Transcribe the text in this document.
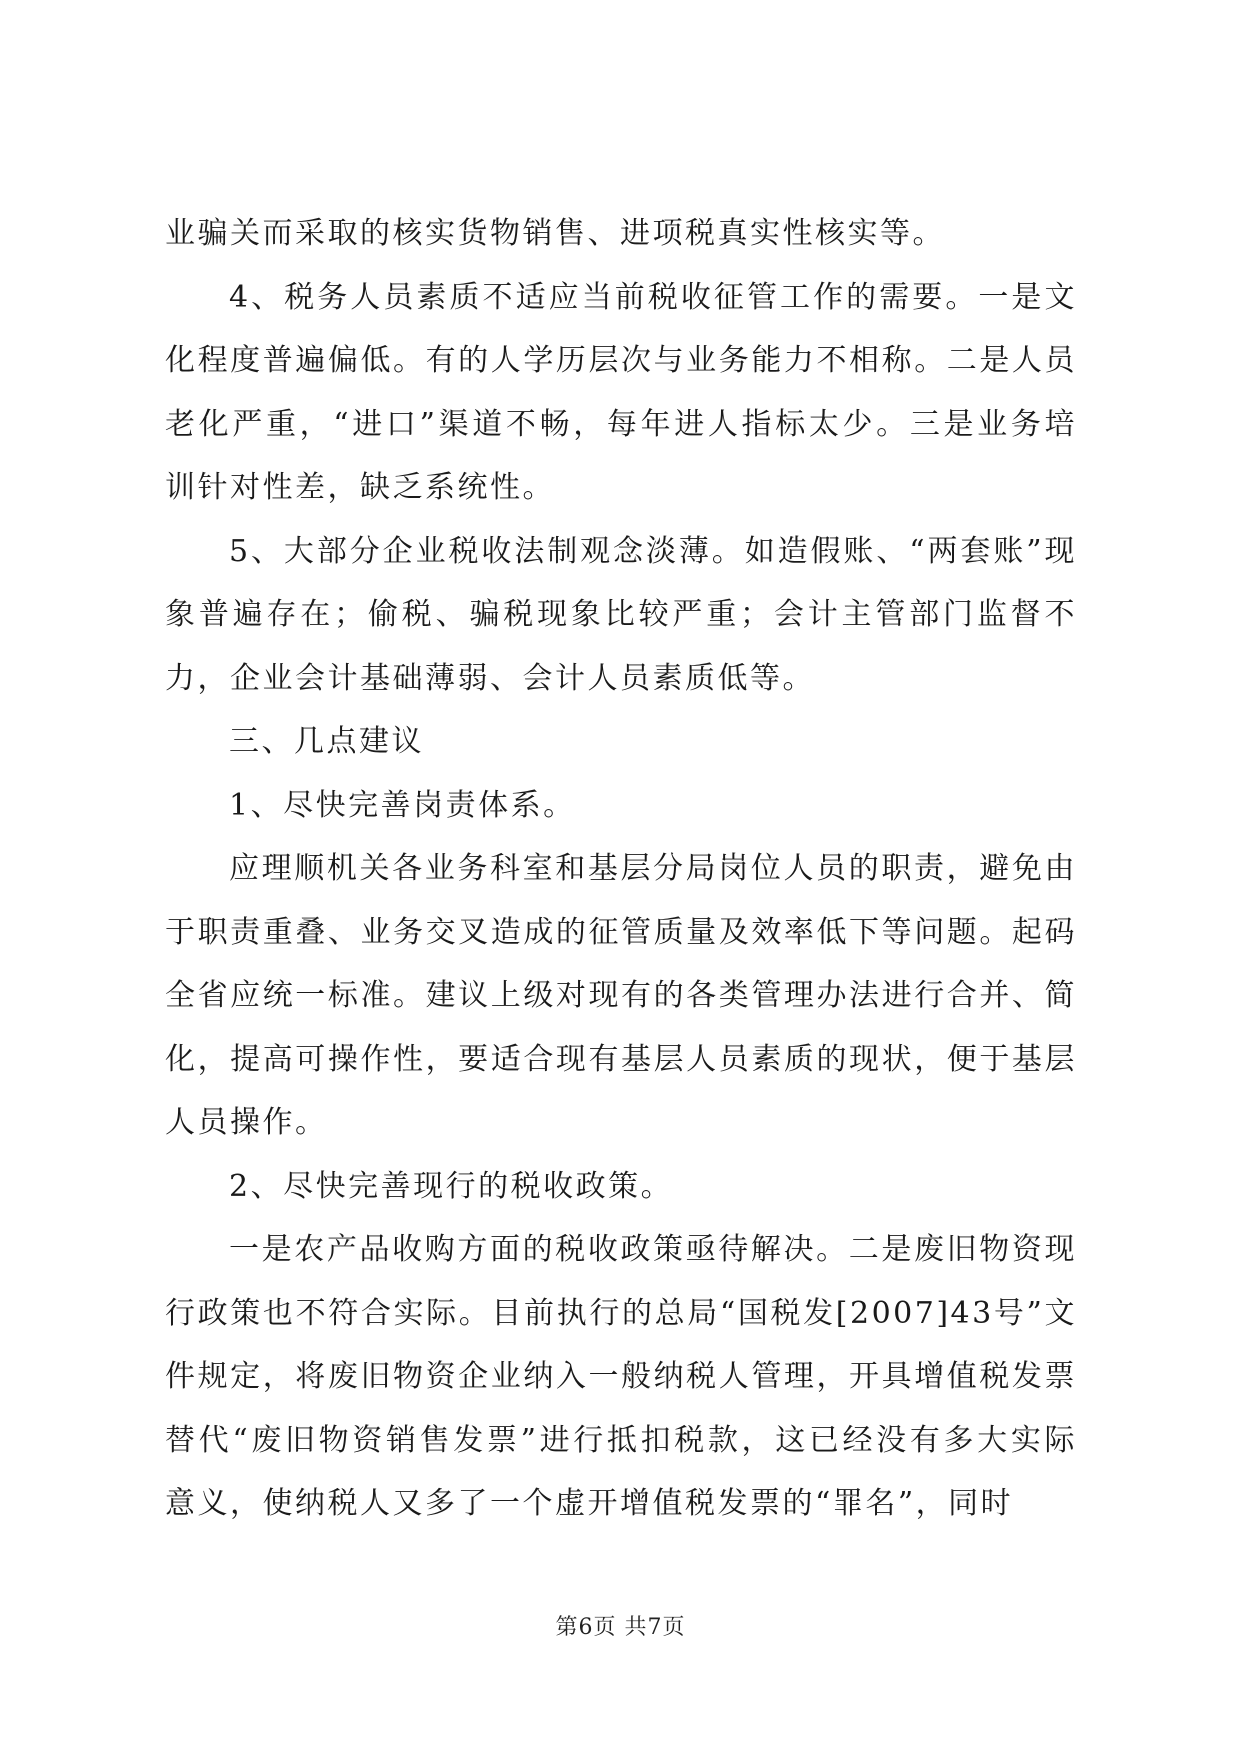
业骗关而采取的核实货物销售、进项税真实性核实等。

4、税务人员素质不适应当前税收征管工作的需要。一是文化程度普遍偏低。有的人学历层次与业务能力不相称。二是人员老化严重，“进口”渠道不畅，每年进人指标太少。三是业务培训针对性差，缺乏系统性。

5、大部分企业税收法制观念淡薄。如造假账、“两套账”现象普遍存在；偷税、骗税现象比较严重；会计主管部门监督不力，企业会计基础薄弱、会计人员素质低等。

三、几点建议

1、尽快完善岗责体系。

应理顺机关各业务科室和基层分局岗位人员的职责，避免由于职责重叠、业务交叉造成的征管质量及效率低下等问题。起码全省应统一标准。建议上级对现有的各类管理办法进行合并、简化，提高可操作性，要适合现有基层人员素质的现状，便于基层人员操作。

2、尽快完善现行的税收政策。

一是农产品收购方面的税收政策亟待解决。二是废旧物资现行政策也不符合实际。目前执行的总局“国税发[2007]43号”文件规定，将废旧物资企业纳入一般纳税人管理，开具增值税发票替代“废旧物资销售发票”进行抵扣税款，这已经没有多大实际意义，使纳税人又多了一个虚开增值税发票的“罪名”，同时

第6页 共7页
